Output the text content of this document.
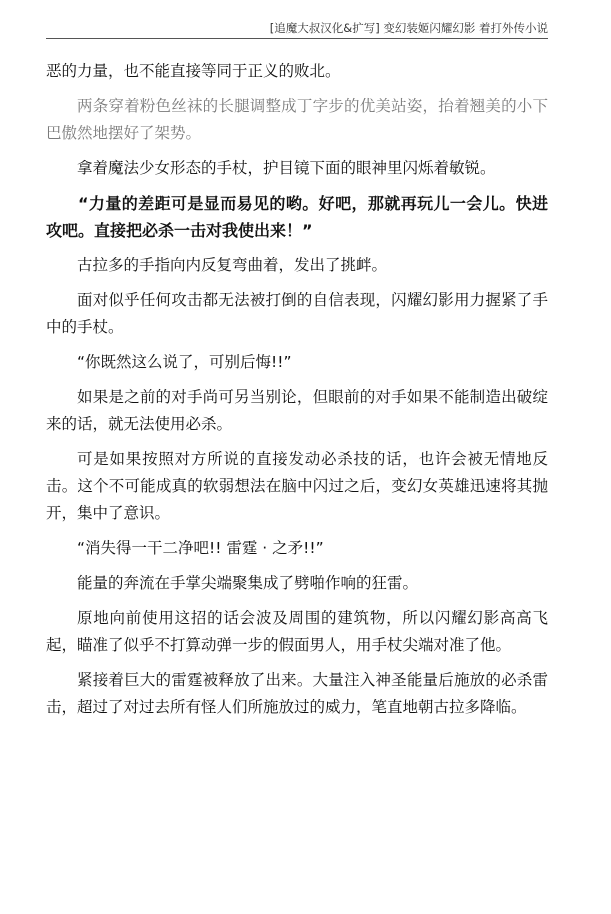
[追魔大叔汉化&扩写] 变幻装姬闪耀幻影 着打外传小说

恶的力量，也不能直接等同于正义的败北。

两条穿着粉色丝袜的长腿调整成丁字步的优美站姿，抬着翘美的小下巴傲然地摆好了架势。

拿着魔法少女形态的手杖，护目镜下面的眼神里闪烁着敏锐。

“力量的差距可是显而易见的哟。好吧，那就再玩儿一会儿。快进攻吧。直接把必杀一击对我使出来！”

古拉多的手指向内反复弯曲着，发出了挑衅。

面对似乎任何攻击都无法被打倒的自信表现，闪耀幻影用力握紧了手中的手杖。

“你既然这么说了，可别后悔!!”

如果是之前的对手尚可另当别论，但眼前的对手如果不能制造出破绽来的话，就无法使用必杀。

可是如果按照对方所说的直接发动必杀技的话，也许会被无情地反击。这个不可能成真的软弱想法在脑中闪过之后，变幻女英雄迅速将其抛开，集中了意识。

“消失得一干二净吧!! 雷霆 · 之矛!!”

能量的奔流在手掌尖端聚集成了劈啪作响的狂雷。

原地向前使用这招的话会波及周围的建筑物，所以闪耀幻影高高飞起，瞄准了似乎不打算动弹一步的假面男人，用手杖尖端对准了他。

紧接着巨大的雷霆被释放了出来。大量注入神圣能量后施放的必杀雷击，超过了对过去所有怪人们所施放过的威力，笔直地朝古拉多降临。
